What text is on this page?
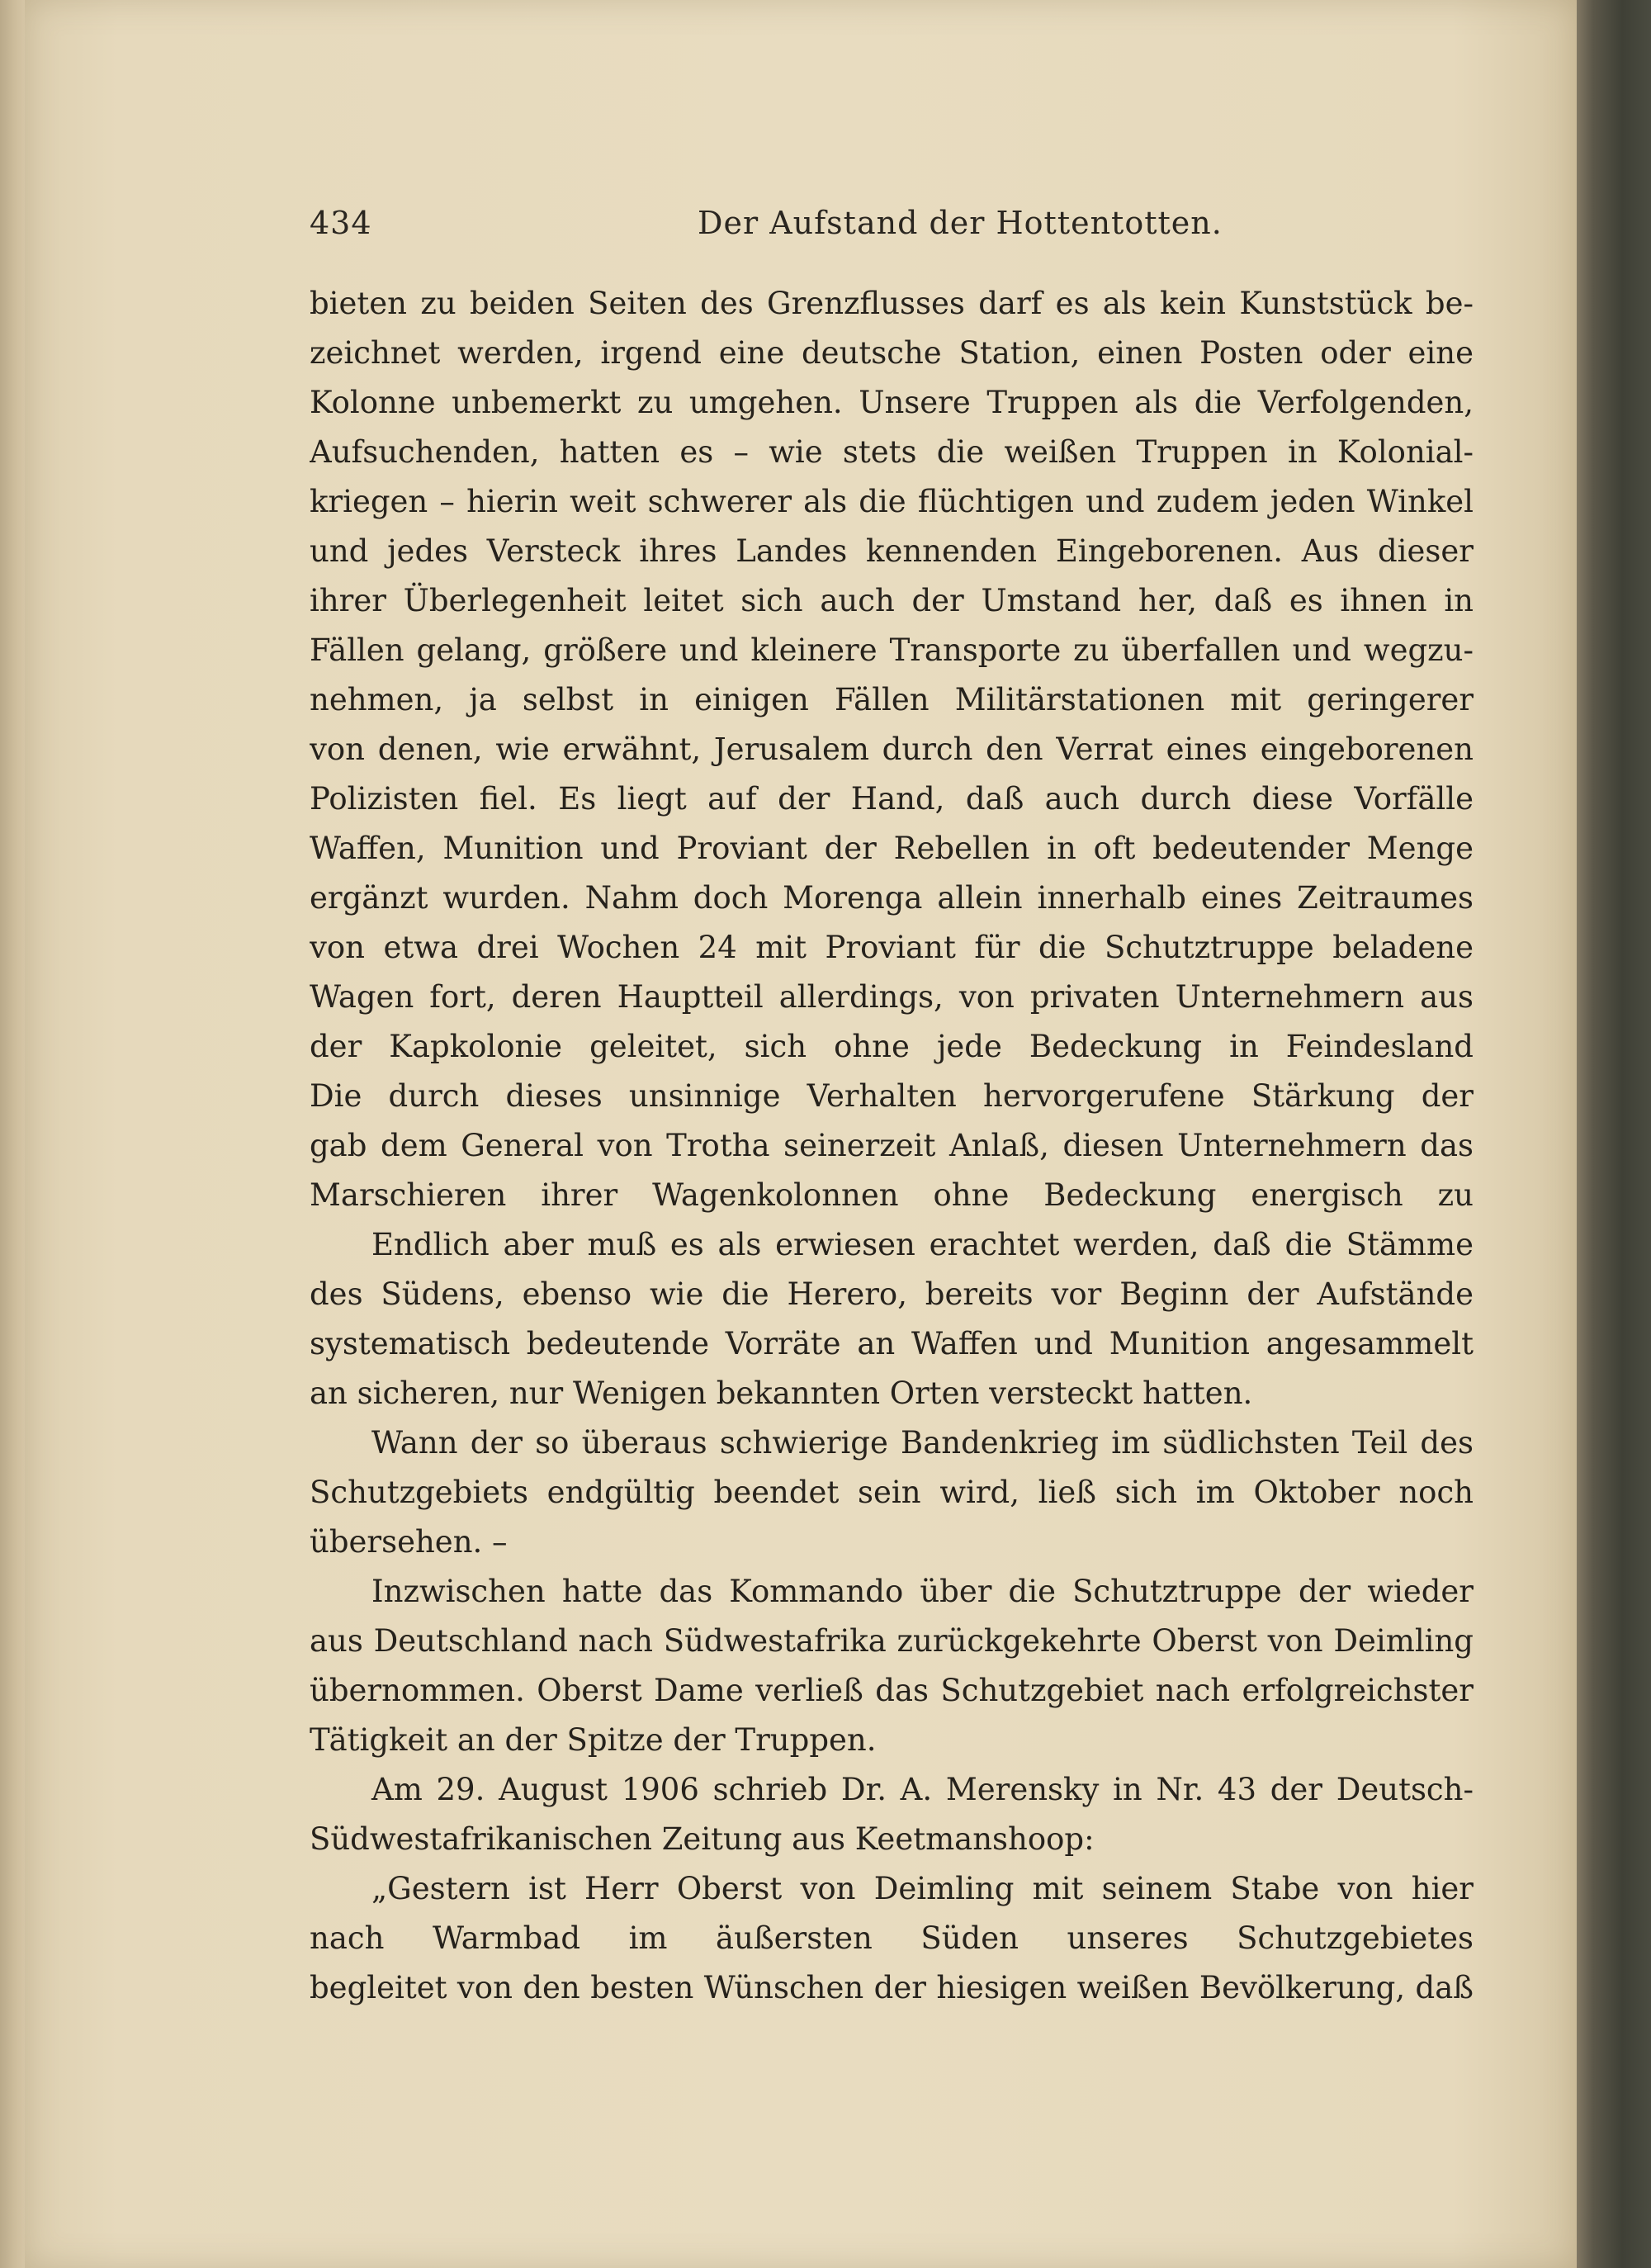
434	Der Aufstand der Hottentotten.
bieten zu beiden Seiten des Grenzflusses darf es als kein Kunststück be-
zeichnet werden, irgend eine deutsche Station, einen Posten oder eine
Kolonne unbemerkt zu umgehen. Unsere Truppen als die Verfolgenden,
Aufsuchenden, hatten es – wie stets die weißen Truppen in Kolonial-
kriegen – hierin weit schwerer als die flüchtigen und zudem jeden Winkel
und jedes Versteck ihres Landes kennenden Eingeborenen. Aus dieser
ihrer Überlegenheit leitet sich auch der Umstand her, daß es ihnen in
Fällen gelang, größere und kleinere Transporte zu überfallen und wegzu-
nehmen, ja selbst in einigen Fällen Militärstationen mit geringerer
von denen, wie erwähnt, Jerusalem durch den Verrat eines eingeborenen
Polizisten fiel. Es liegt auf der Hand, daß auch durch diese Vorfälle
Waffen, Munition und Proviant der Rebellen in oft bedeutender Menge
ergänzt wurden. Nahm doch Morenga allein innerhalb eines Zeitraumes
von etwa drei Wochen 24 mit Proviant für die Schutztruppe beladene
Wagen fort, deren Hauptteil allerdings, von privaten Unternehmern aus
der Kapkolonie geleitet, sich ohne jede Bedeckung in Feindesland
Die durch dieses unsinnige Verhalten hervorgerufene Stärkung der
gab dem General von Trotha seinerzeit Anlaß, diesen Unternehmern das
Marschieren ihrer Wagenkolonnen ohne Bedeckung energisch zu
Endlich aber muß es als erwiesen erachtet werden, daß die Stämme
des Südens, ebenso wie die Herero, bereits vor Beginn der Aufstände
systematisch bedeutende Vorräte an Waffen und Munition angesammelt
an sicheren, nur Wenigen bekannten Orten versteckt hatten.
Wann der so überaus schwierige Bandenkrieg im südlichsten Teil des
Schutzgebiets endgültig beendet sein wird, ließ sich im Oktober noch
übersehen. –
Inzwischen hatte das Kommando über die Schutztruppe der wieder
aus Deutschland nach Südwestafrika zurückgekehrte Oberst von Deimling
übernommen. Oberst Dame verließ das Schutzgebiet nach erfolgreichster
Tätigkeit an der Spitze der Truppen.
Am 29. August 1906 schrieb Dr. A. Merensky in Nr. 43 der Deutsch-
Südwestafrikanischen Zeitung aus Keetmanshoop:
„Gestern ist Herr Oberst von Deimling mit seinem Stabe von hier
nach Warmbad im äußersten Süden unseres Schutzgebietes
begleitet von den besten Wünschen der hiesigen weißen Bevölkerung, daß
